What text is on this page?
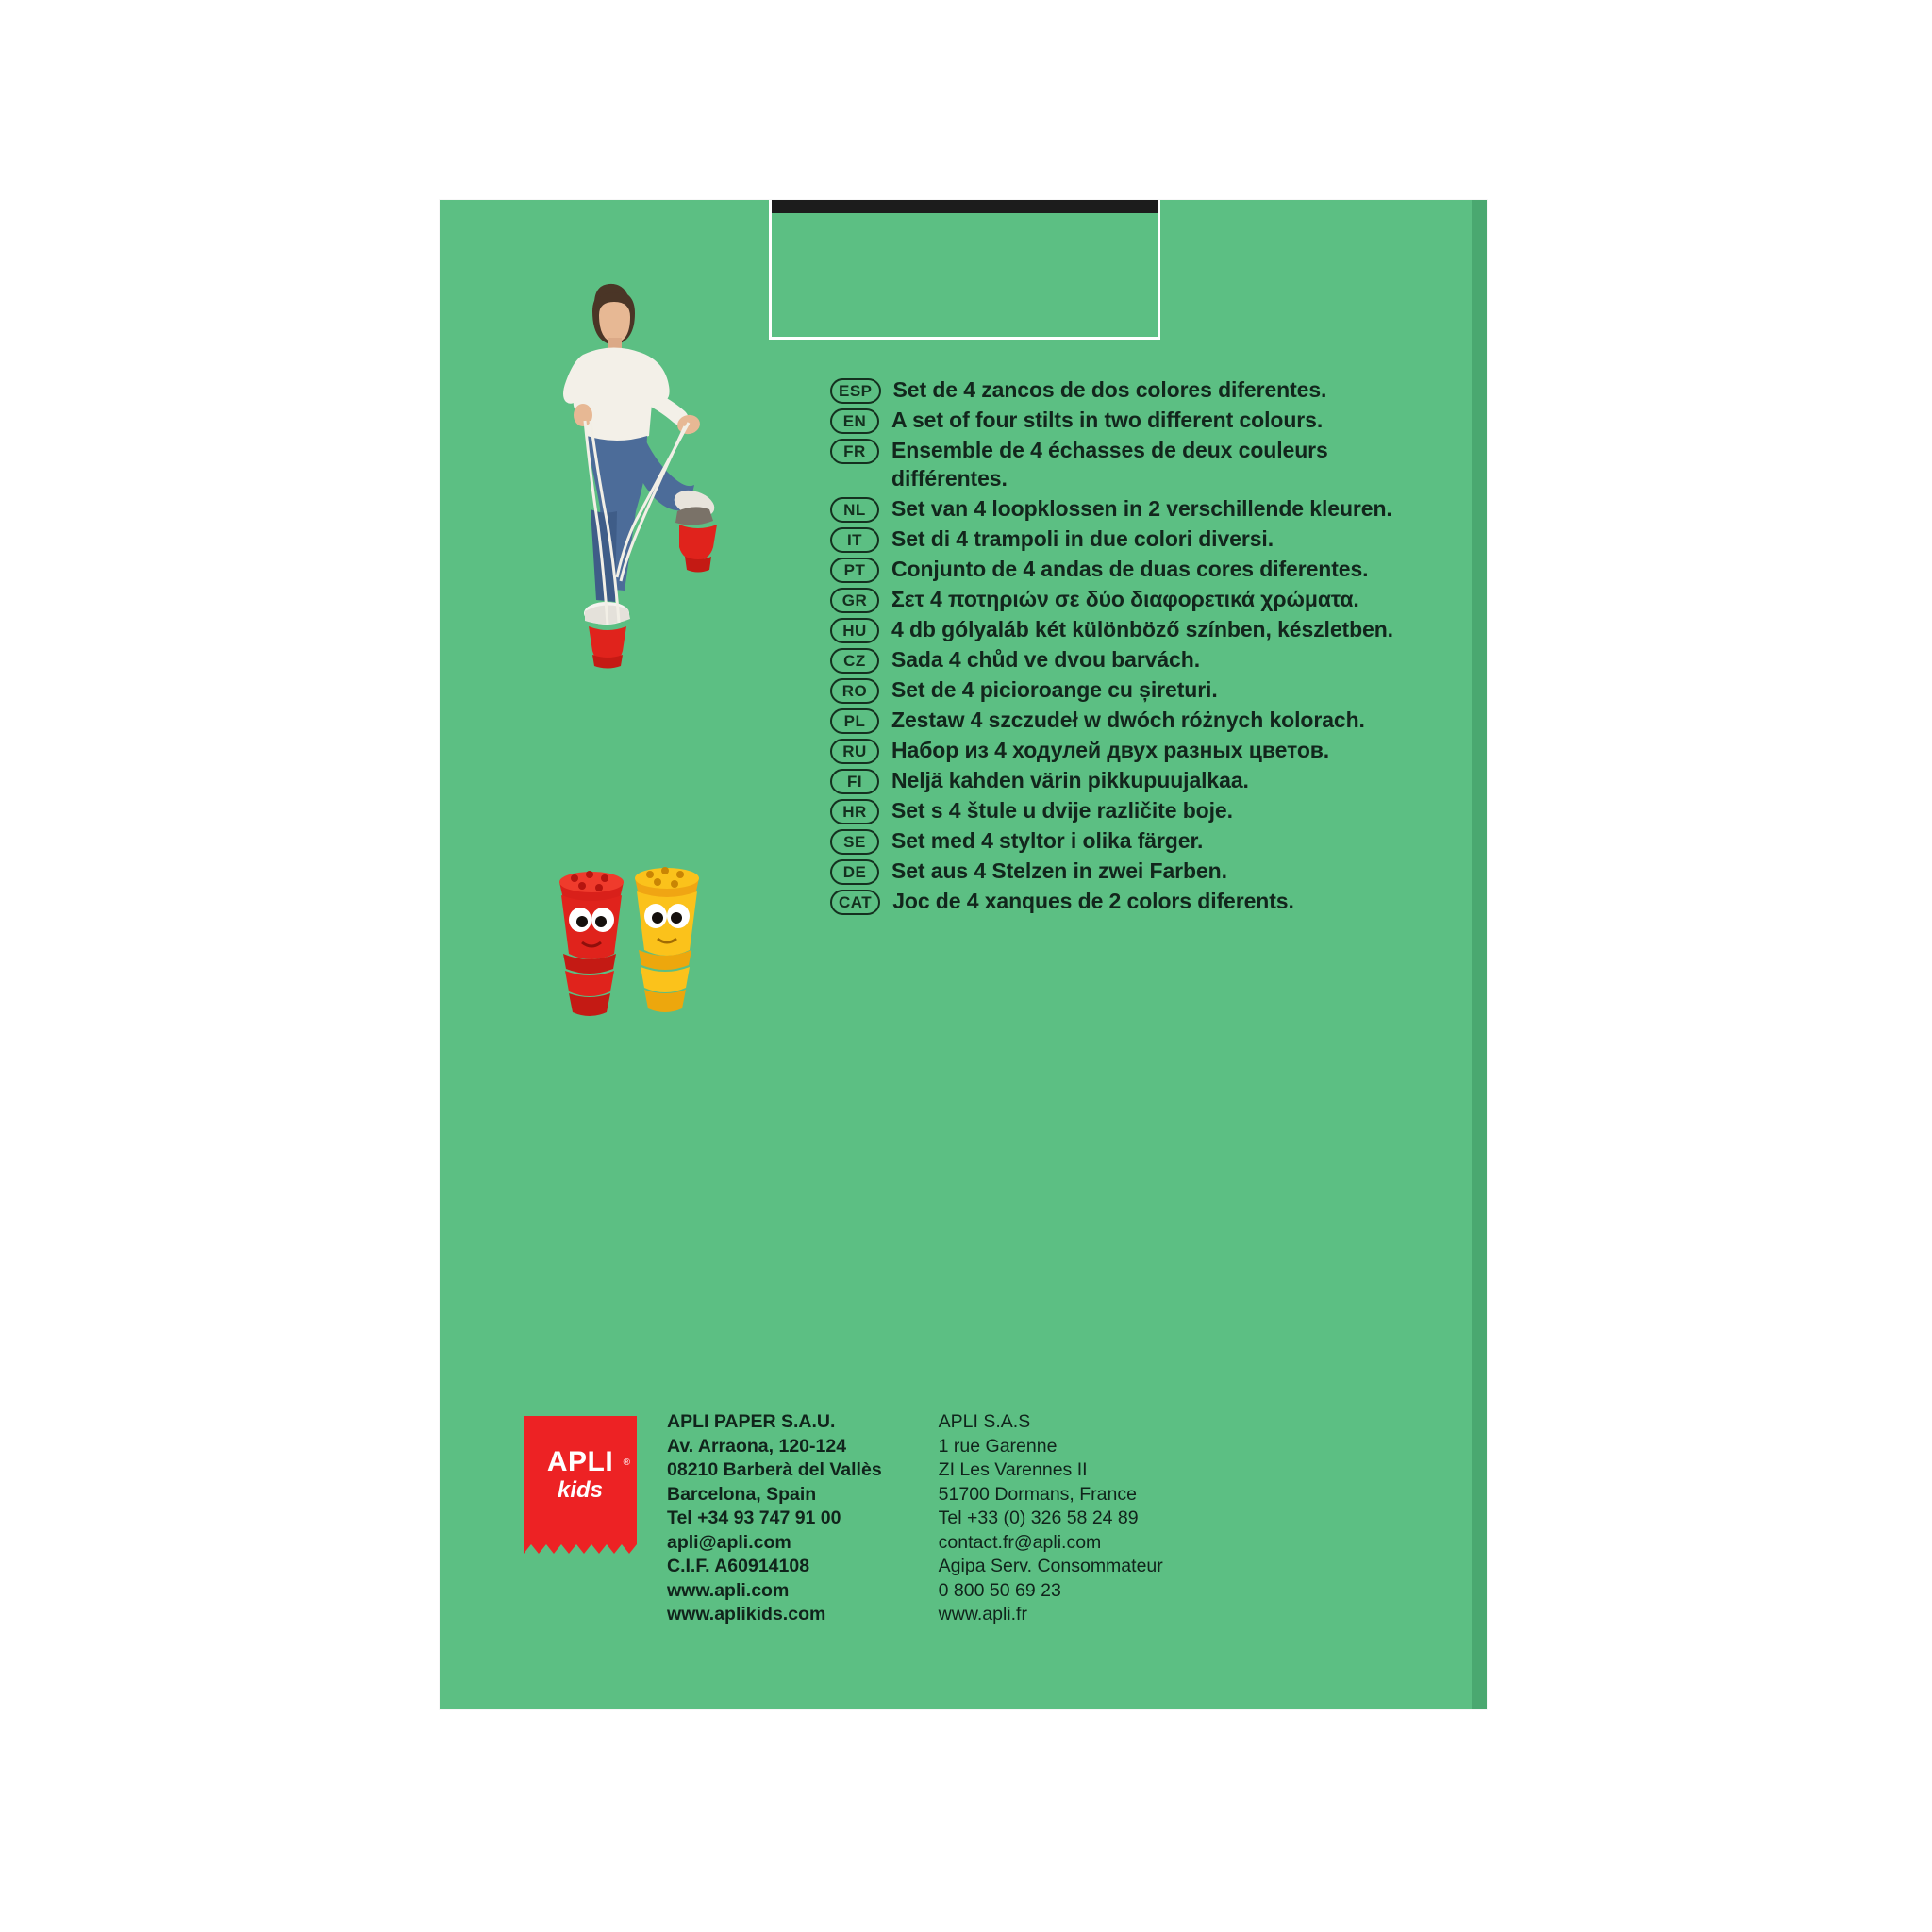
ESP Set de 4 zancos de dos colores diferentes.
EN	A set of four stilts in two different colours.
FR	Ensemble de 4 échasses de deux couleurs différentes.
NL	Set van 4 loopklossen in 2 verschillende kleuren.
IT	Set di 4 trampoli in due colori diversi.
PT	Conjunto de 4 andas de duas cores diferentes.
GR	Σετ 4 ποτηριών σε δύο διαφορετικά χρώματα.
HU	4 db gólyaláb két különböző színben, készletben.
CZ	Sada 4 chůd ve dvou barvách.
RO	Set de 4 picioroange cu șireturi.
PL	Zestaw 4 szczudeł w dwóch różnych kolorach.
RU	Набор из 4 ходулей двух разных цветов.
FI	Neljä kahden värin pikkupuujalkaa.
HR	Set s 4 štule u dvije različite boje.
SE	Set med 4 styltor i olika färger.
DE	Set aus 4 Stelzen in zwei Farben.
CAT Joc de 4 xanques de 2 colors diferents.
APLI
kids
®
APLI PAPER S.A.U.
Av. Arraona, 120-124
08210 Barberà del Vallès
Barcelona, Spain
Tel +34 93 747 91 00
apli@apli.com
C.I.F. A60914108
www.apli.com
www.aplikids.com
APLI S.A.S
1 rue Garenne
ZI Les Varennes II
51700 Dormans, France
Tel +33 (0) 326 58 24 89
contact.fr@apli.com
Agipa Serv. Consommateur
0 800 50 69 23
www.apli.fr
